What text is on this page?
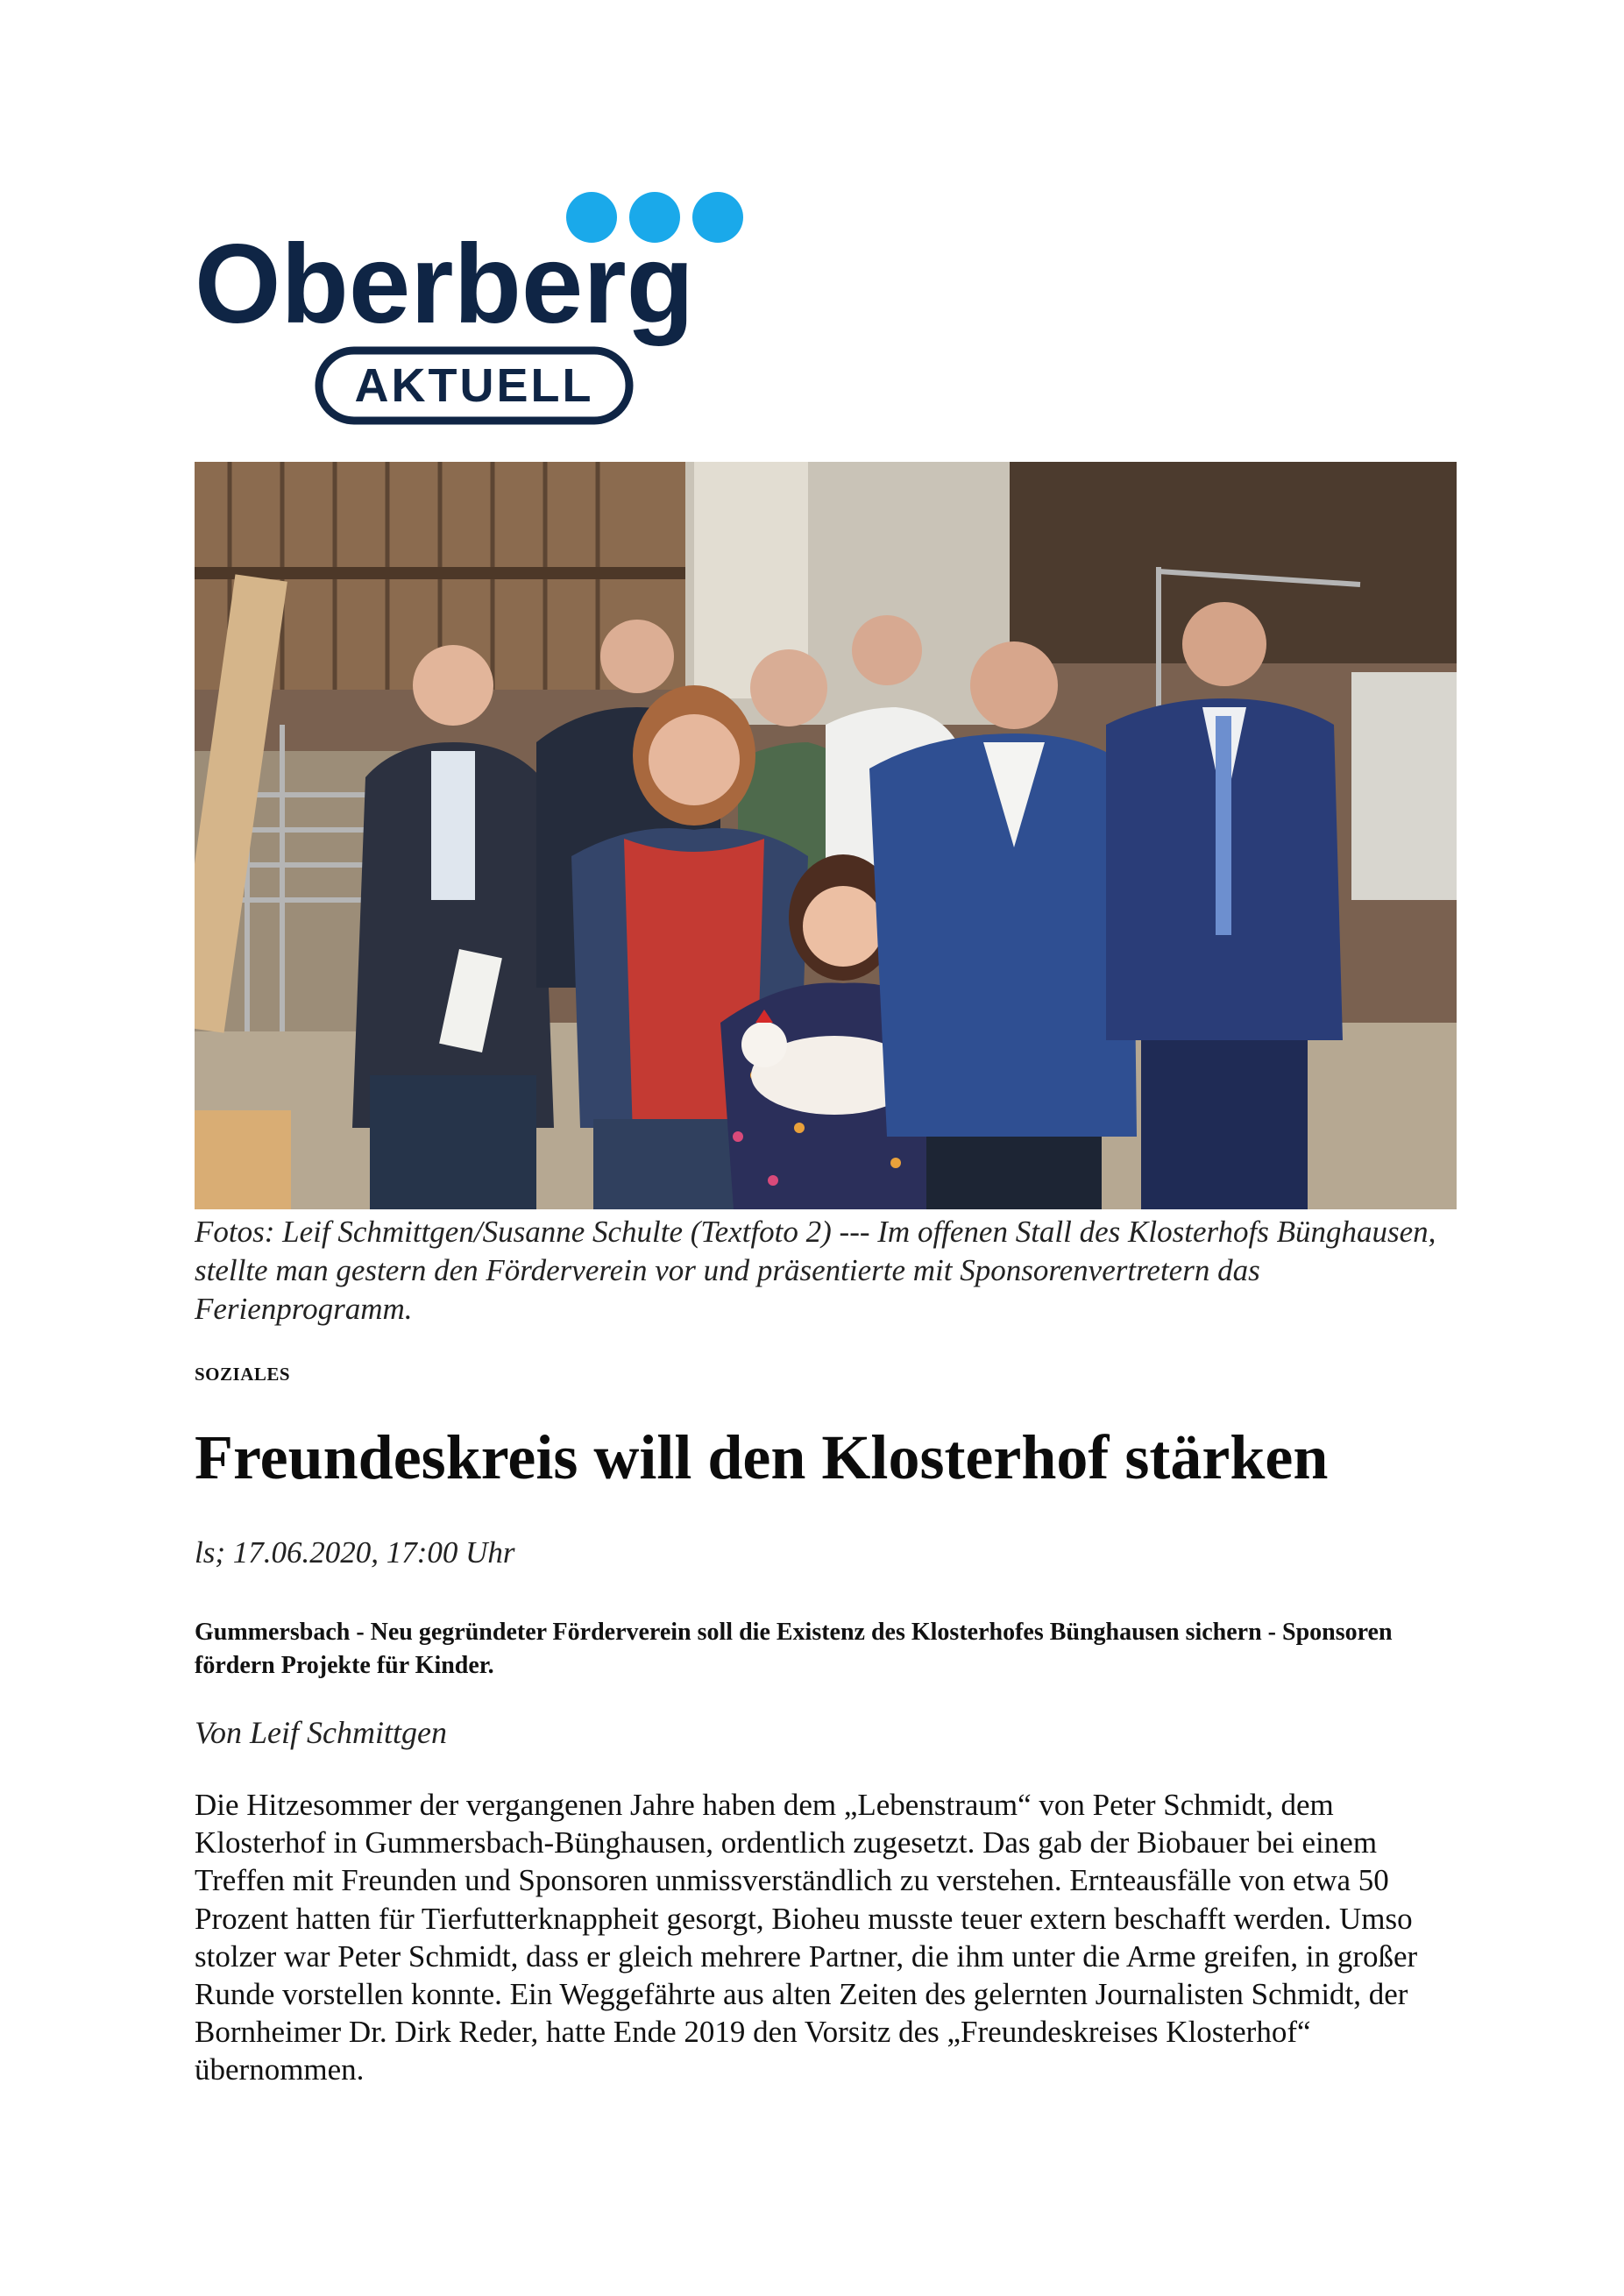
Oberberg
AKTUELL
Fotos: Leif Schmittgen/Susanne Schulte (Textfoto 2) --- Im offenen Stall des Klosterhofs Bünghausen, stellte man gestern den Förderverein vor und präsentierte mit Sponsorenvertretern das Ferienprogramm.
SOZIALES
Freundeskreis will den Klosterhof stärken
ls; 17.06.2020, 17:00 Uhr
Gummersbach - Neu gegründeter Förderverein soll die Existenz des Klosterhofes Bünghausen sichern - Sponsoren fördern Projekte für Kinder.
Von Leif Schmittgen

Die Hitzesommer der vergangenen Jahre haben dem „Lebenstraum“ von Peter Schmidt, dem Klosterhof in Gummersbach-Bünghausen, ordentlich zugesetzt. Das gab der Biobauer bei einem Treffen mit Freunden und Sponsoren unmissverständlich zu verstehen. Ernteausfälle von etwa 50 Prozent hatten für Tierfutterknappheit gesorgt, Bioheu musste teuer extern beschafft werden. Umso stolzer war Peter Schmidt, dass er gleich mehrere Partner, die ihm unter die Arme greifen, in großer Runde vorstellen konnte. Ein Weggefährte aus alten Zeiten des gelernten Journalisten Schmidt, der Bornheimer Dr. Dirk Reder, hatte Ende 2019 den Vorsitz des „Freundeskreises Klosterhof“ übernommen.
